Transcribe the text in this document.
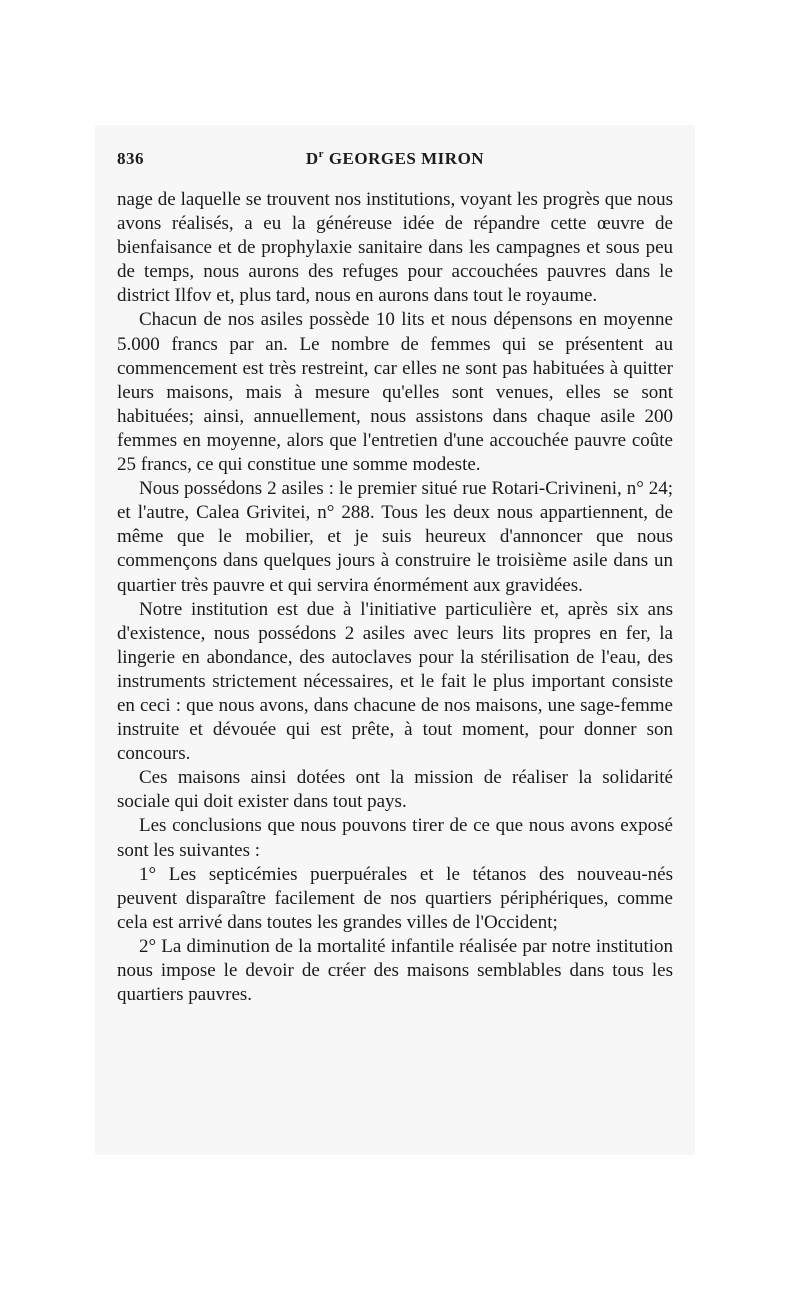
836	$D^r$ GEORGES MIRON

nage de laquelle se trouvent nos institutions, voyant les progrès que nous avons réalisés, a eu la généreuse idée de répandre cette œuvre de bienfaisance et de prophylaxie sanitaire dans les campagnes et sous peu de temps, nous aurons des refuges pour accouchées pauvres dans le district Ilfov et, plus tard, nous en aurons dans tout le royaume.

Chacun de nos asiles possède 10 lits et nous dépensons en moyenne 5.000 francs par an. Le nombre de femmes qui se présentent au commencement est très restreint, car elles ne sont pas habituées à quitter leurs maisons, mais à mesure qu'elles sont venues, elles se sont habituées; ainsi, annuellement, nous assistons dans chaque asile 200 femmes en moyenne, alors que l'entretien d'une accouchée pauvre coûte 25 francs, ce qui constitue une somme modeste.

Nous possédons 2 asiles : le premier situé rue Rotari-Crivineni, n° 24; et l'autre, Calea Grivitei, n° 288. Tous les deux nous appartiennent, de même que le mobilier, et je suis heureux d'annoncer que nous commençons dans quelques jours à construire le troisième asile dans un quartier très pauvre et qui servira énormément aux gravidées.

Notre institution est due à l'initiative particulière et, après six ans d'existence, nous possédons 2 asiles avec leurs lits propres en fer, la lingerie en abondance, des autoclaves pour la stérilisation de l'eau, des instruments strictement nécessaires, et le fait le plus important consiste en ceci : que nous avons, dans chacune de nos maisons, une sage-femme instruite et dévouée qui est prête, à tout moment, pour donner son concours.

Ces maisons ainsi dotées ont la mission de réaliser la solidarité sociale qui doit exister dans tout pays.

Les conclusions que nous pouvons tirer de ce que nous avons exposé sont les suivantes :

1° Les septicémies puerpuérales et le tétanos des nouveau-nés peuvent disparaître facilement de nos quartiers périphériques, comme cela est arrivé dans toutes les grandes villes de l'Occident;

2° La diminution de la mortalité infantile réalisée par notre institution nous impose le devoir de créer des maisons semblables dans tous les quartiers pauvres.
